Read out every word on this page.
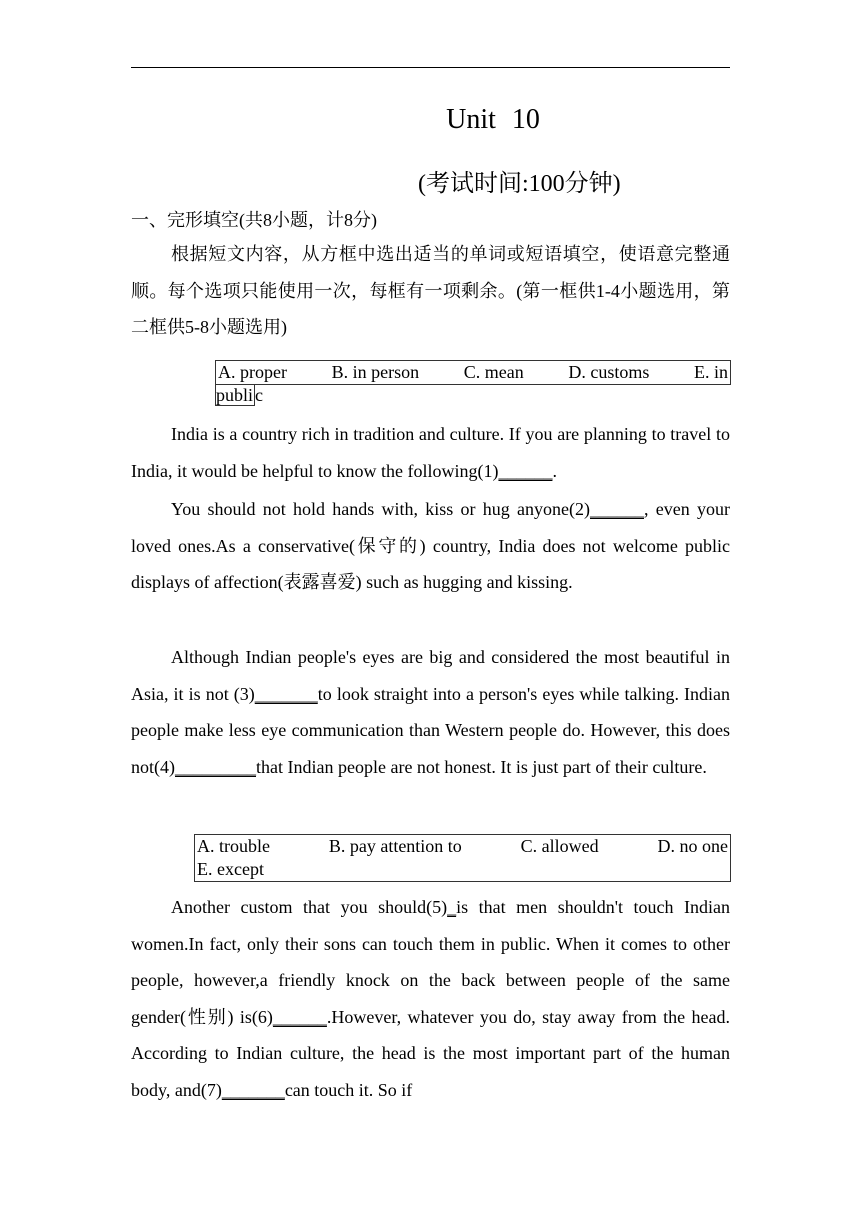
Unit 10
(考试时间:100分钟)
一、完形填空(共8小题，计8分)

根据短文内容，从方框中选出适当的单词或短语填空，使语意完整通顺。每个选项只能使用一次，每框有一项剩余。(第一框供1-4小题选用，第二框供5-8小题选用)

A. proper B. in person C. mean D. customs E. in
publi c

India is a country rich in tradition and culture. If you are planning to travel to India, it would be helpful to know the following(1)______.

You should not hold hands with, kiss or hug anyone(2)______, even your loved ones.As a conservative(保守的) country, India does not welcome public displays of affection(表露喜爱) such as hugging and kissing.

Although Indian people's eyes are big and considered the most beautiful in Asia, it is not (3)_______to look straight into a person's eyes while talking. Indian people make less eye communication than Western people do. However, this does not(4)_________that Indian people are not honest. It is just part of their culture.

A. trouble	B. pay attention to	C. allowed	D. no one
E. except

Another custom that you should(5)_is that men shouldn't touch Indian women.In fact, only their sons can touch them in public. When it comes to other people, however,a friendly knock on the back between people of the same gender(性别) is(6)______.However, whatever you do, stay away from the head. According to Indian culture, the head is the most important part of the human body, and(7)_______can touch it. So if
